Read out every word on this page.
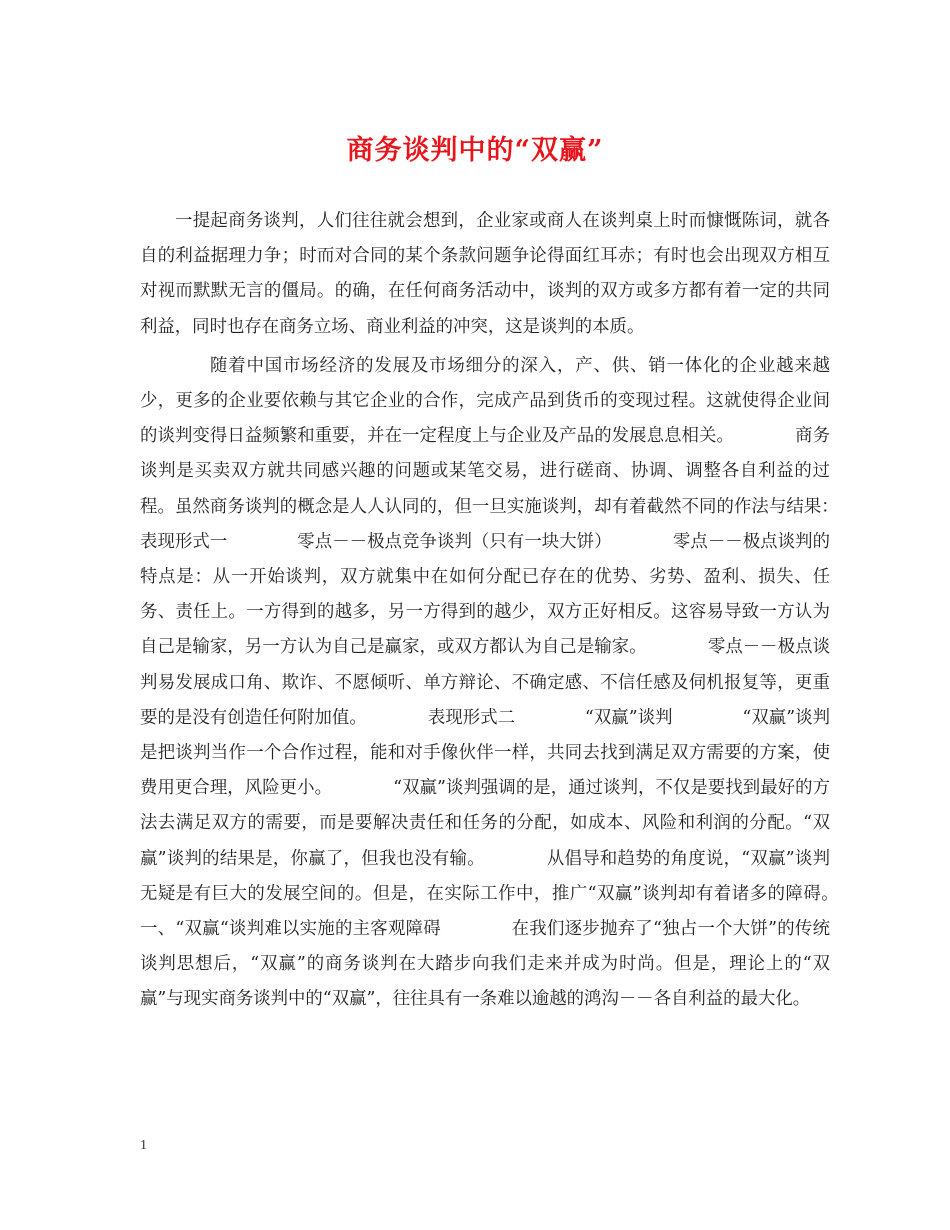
商务谈判中的“双赢”

一提起商务谈判，人们往往就会想到，企业家或商人在谈判桌上时而慷慨陈词，就各自的利益据理力争；时而对合同的某个条款问题争论得面红耳赤；有时也会出现双方相互对视而默默无言的僵局。的确，在任何商务活动中，谈判的双方或多方都有着一定的共同利益，同时也存在商务立场、商业利益的冲突，这是谈判的本质。

随着中国市场经济的发展及市场细分的深入，产、供、销一体化的企业越来越少，更多的企业要依赖与其它企业的合作，完成产品到货币的变现过程。这就使得企业间的谈判变得日益频繁和重要，并在一定程度上与企业及产品的发展息息相关。　　　　商务谈判是买卖双方就共同感兴趣的问题或某笔交易，进行磋商、协调、调整各自利益的过程。虽然商务谈判的概念是人人认同的，但一旦实施谈判，却有着截然不同的作法与结果：　　　表现形式一　　　　零点－－极点竞争谈判（只有一块大饼）　　　　零点－－极点谈判的特点是：从一开始谈判，双方就集中在如何分配已存在的优势、劣势、盈利、损失、任务、责任上。一方得到的越多，另一方得到的越少，双方正好相反。这容易导致一方认为自己是输家，另一方认为自己是赢家，或双方都认为自己是输家。　　　　零点－－极点谈判易发展成口角、欺诈、不愿倾听、单方辩论、不确定感、不信任感及伺机报复等，更重要的是没有创造任何附加值。　　　　表现形式二　　　　“双赢”谈判　　　　“双赢”谈判是把谈判当作一个合作过程，能和对手像伙伴一样，共同去找到满足双方需要的方案，使费用更合理，风险更小。　　　　“双赢”谈判强调的是，通过谈判，不仅是要找到最好的方法去满足双方的需要，而是要解决责任和任务的分配，如成本、风险和利润的分配。“双赢”谈判的结果是，你赢了，但我也没有输。　　　　从倡导和趋势的角度说，“双赢”谈判无疑是有巨大的发展空间的。但是，在实际工作中，推广“双赢”谈判却有着诸多的障碍。　　　　一、“双赢“谈判难以实施的主客观障碍　　　　在我们逐步抛弃了“独占一个大饼”的传统谈判思想后，“双赢”的商务谈判在大踏步向我们走来并成为时尚。但是，理论上的“双赢”与现实商务谈判中的“双赢”，往往具有一条难以逾越的鸿沟－－各自利益的最大化。

1
